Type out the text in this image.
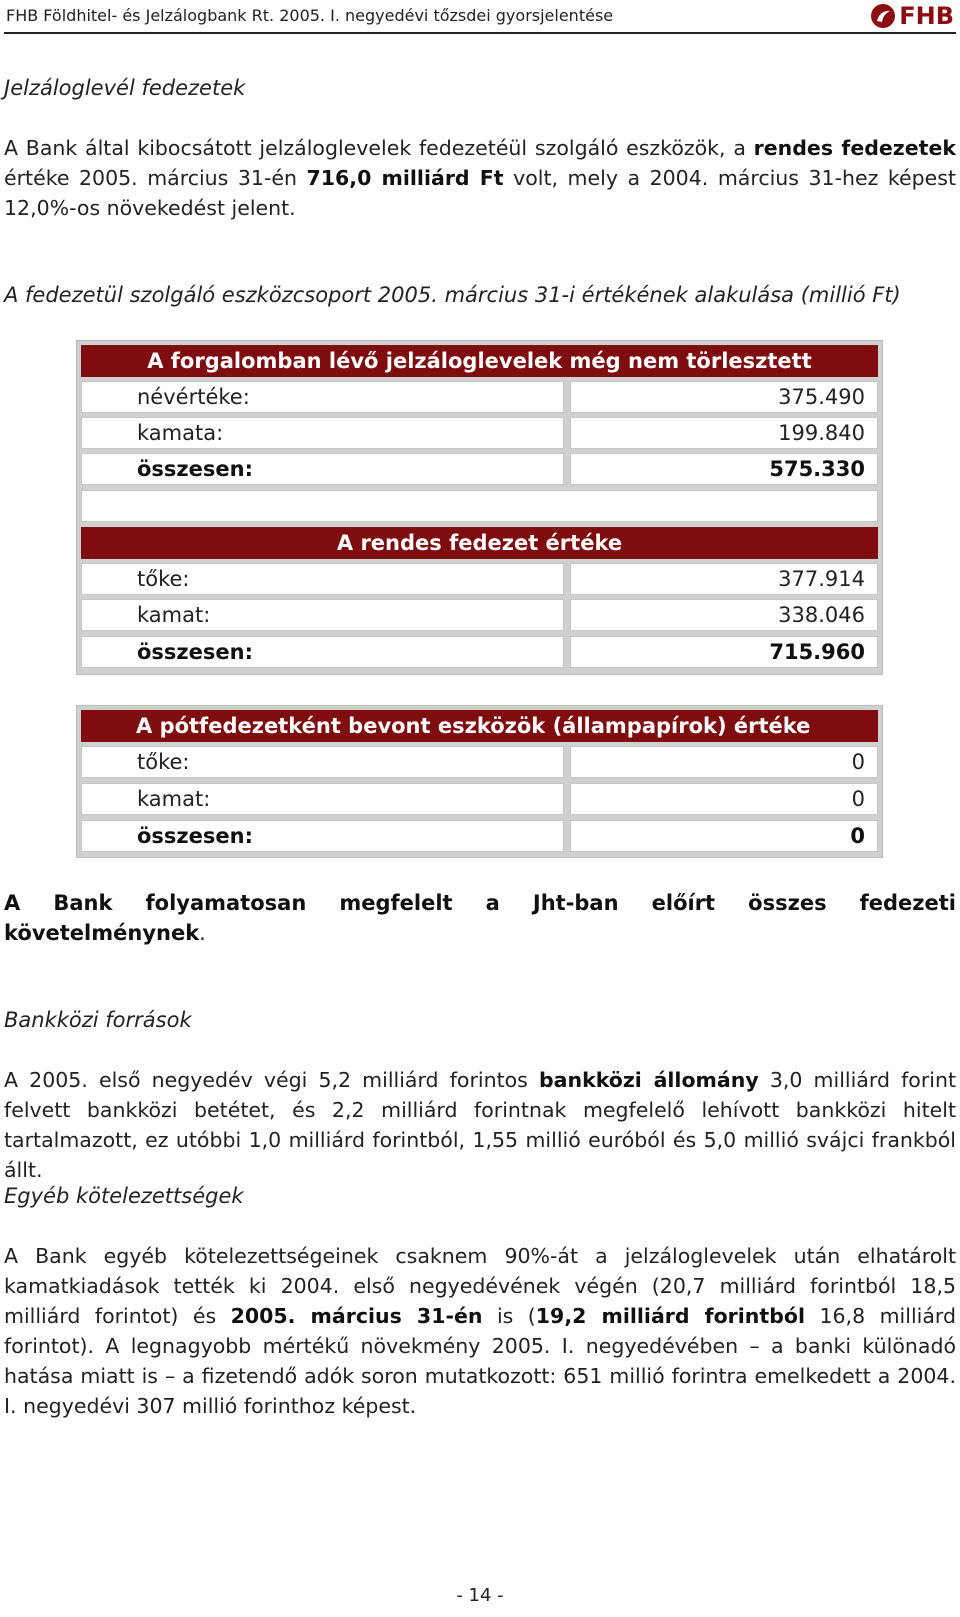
FHB Földhitel- és Jelzálogbank Rt. 2005. I. negyedévi tőzsdei gyorsjelentése	FHB
Jelzáloglevél fedezetek
A Bank által kibocsátott jelzáloglevelek fedezetéül szolgáló eszközök, a rendes fedezetek értéke 2005. március 31-én 716,0 milliárd Ft volt, mely a 2004. március 31-hez képest 12,0%-os növekedést jelent.
A fedezetül szolgáló eszközcsoport 2005. március 31-i értékének alakulása (millió Ft)
A forgalomban lévő jelzáloglevelek még nem törlesztett
névértéke:	375.490
kamata:	199.840
összesen:	575.330
A rendes fedezet értéke
tőke:	377.914
kamat:	338.046
összesen:	715.960
A pótfedezetként bevont eszközök (állampapírok) értéke
tőke:	0
kamat:	0
összesen:	0
A Bank folyamatosan megfelelt a Jht-ban előírt összes fedezeti követelménynek.
Bankközi források
A 2005. első negyedév végi 5,2 milliárd forintos bankközi állomány 3,0 milliárd forint felvett bankközi betétet, és 2,2 milliárd forintnak megfelelő lehívott bankközi hitelt tartalmazott, ez utóbbi 1,0 milliárd forintból, 1,55 millió euróból és 5,0 millió svájci frankból állt.
Egyéb kötelezettségek
A Bank egyéb kötelezettségeinek csaknem 90%-át a jelzáloglevelek után elhatárolt kamatkiadások tették ki 2004. első negyedévének végén (20,7 milliárd forintból 18,5 milliárd forintot) és 2005. március 31-én is (19,2 milliárd forintból 16,8 milliárd forintot). A legnagyobb mértékű növekmény 2005. I. negyedévében – a banki különadó hatása miatt is – a fizetendő adók soron mutatkozott: 651 millió forintra emelkedett a 2004. I. negyedévi 307 millió forinthoz képest.
- 14 -
